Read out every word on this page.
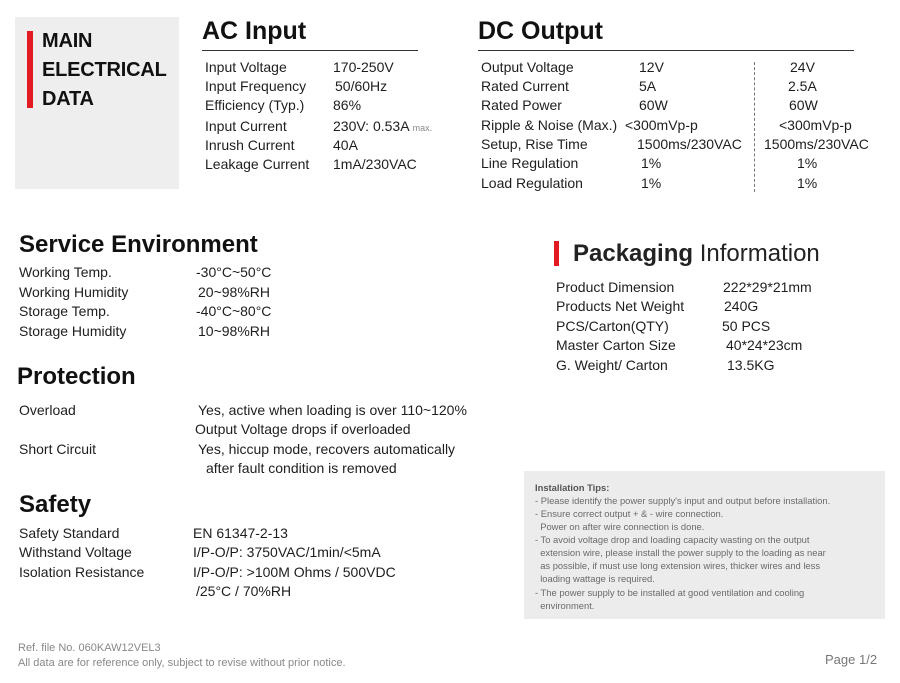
MAIN
ELECTRICAL
DATA
AC Input
Input Voltage	170-250V
Input Frequency 50/60Hz
Efficiency (Typ.) 86%
Input Current	230V: 0.53A max.
Inrush Current	40A
Leakage Current 1mA/230VAC
DC Output
Output Voltage	12V	24V
Rated Current	5A	2.5A
Rated Power	60W	60W
Ripple & Noise (Max.) <300mVp-p	<300mVp-p
Setup, Rise Time	1500ms/230VAC 1500ms/230VAC
Line Regulation	1%	1%
Load Regulation	1%	1%
Service Environment
Working Temp.	-30°C~50°C
Working Humidity	20~98%RH
Storage Temp.	-40°C~80°C
Storage Humidity	10~98%RH
Protection
Overload	Yes, active when loading is over 110~120%
Output Voltage drops if overloaded
Short Circuit	Yes, hiccup mode, recovers automatically
after fault condition is removed
Safety
Safety Standard	EN 61347-2-13
Withstand Voltage	I/P-O/P: 3750VAC/1min/<5mA
Isolation Resistance	I/P-O/P: >100M Ohms / 500VDC
/25°C / 70%RH
Packaging Information
Product Dimension	222*29*21mm
Products Net Weight	240G
PCS/Carton(QTY)	50 PCS
Master Carton Size	40*24*23cm
G. Weight/ Carton	13.5KG
Installation Tips:
- Please identify the power supply's input and output before installation.
- Ensure correct output + & - wire connection.
Power on after wire connection is done.
- To avoid voltage drop and loading capacity wasting on the output
extension wire, please install the power supply to the loading as near
as possible, if must use long extension wires, thicker wires and less
loading wattage is required.
- The power supply to be installed at good ventilation and cooling
environment.
Ref. file No. 060KAW12VEL3
All data are for reference only, subject to revise without prior notice.	Page 1/2
